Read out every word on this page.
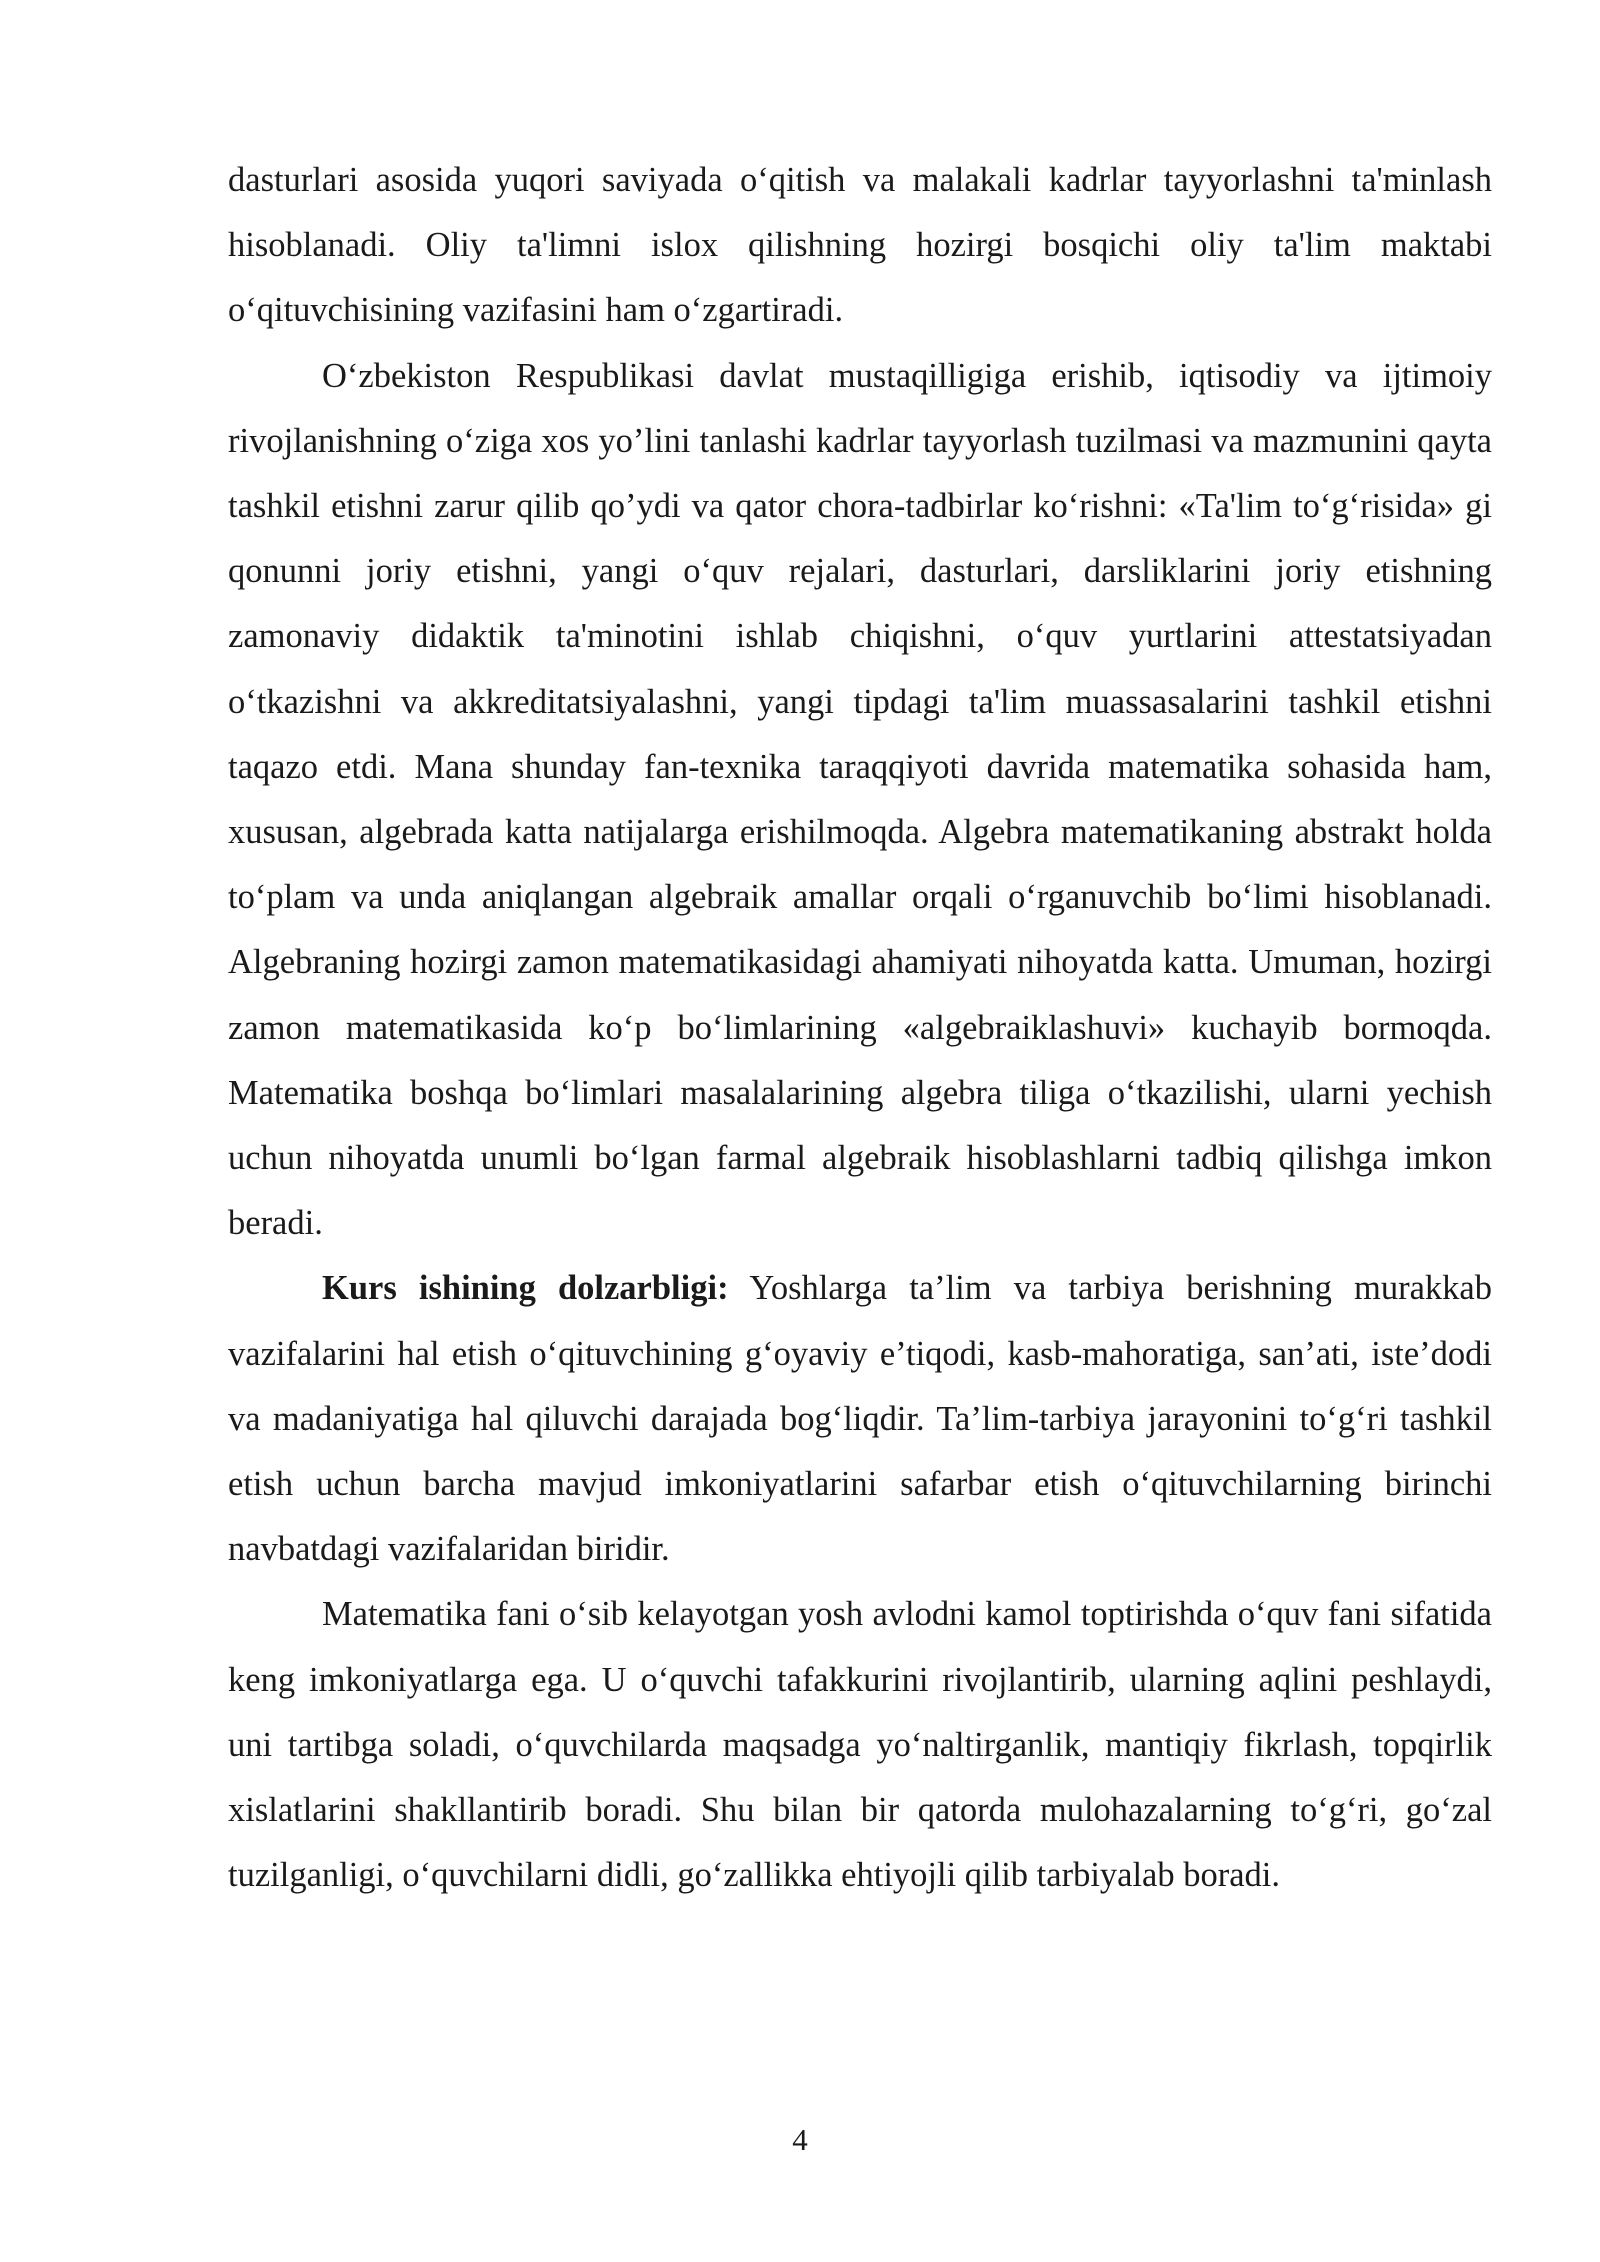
dasturlari asosida yuqori saviyada o‘qitish va malakali kadrlar tayyorlashni ta'minlash hisoblanadi. Oliy ta'limni islox qilishning hozirgi bosqichi oliy ta'lim maktabi o‘qituvchisining vazifasini ham o‘zgartiradi.

O‘zbekiston Respublikasi davlat mustaqilligiga erishib, iqtisodiy va ijtimoiy rivojlanishning o‘ziga xos yo’lini tanlashi kadrlar tayyorlash tuzilmasi va mazmunini qayta tashkil etishni zarur qilib qo’ydi va qator chora-tadbirlar ko‘rishni: «Ta'lim to‘g‘risida» gi qonunni joriy etishni, yangi o‘quv rejalari, dasturlari, darsliklarini joriy etishning zamonaviy didaktik ta'minotini ishlab chiqishni, o‘quv yurtlarini attestatsiyadan o‘tkazishni va akkreditatsiyalashni, yangi tipdagi ta'lim muassasalarini tashkil etishni taqazo etdi. Mana shunday fan-texnika taraqqiyoti davrida matematika sohasida ham, xususan, algebrada katta natijalarga erishilmoqda. Algebra matematikaning abstrakt holda to‘plam va unda aniqlangan algebraik amallar orqali o‘rganuvchib bo‘limi hisoblanadi. Algebraning hozirgi zamon matematikasidagi ahamiyati nihoyatda katta. Umuman, hozirgi zamon matematikasida ko‘p bo‘limlarining «algebraiklashuvi» kuchayib bormoqda. Matematika boshqa bo‘limlari masalalarining algebra tiliga o‘tkazilishi, ularni yechish uchun nihoyatda unumli bo‘lgan farmal algebraik hisoblashlarni tadbiq qilishga imkon beradi.

Kurs ishining dolzarbligi: Yoshlarga ta’lim va tarbiya berishning murakkab vazifalarini hal etish o‘qituvchining g‘oyaviy e’tiqodi, kasb-mahoratiga, san’ati, iste’dodi va madaniyatiga hal qiluvchi darajada bog‘liqdir. Ta’lim-tarbiya jarayonini to‘g‘ri tashkil etish uchun barcha mavjud imkoniyatlarini safarbar etish o‘qituvchilarning birinchi navbatdagi vazifalaridan biridir.

Matematika fani o‘sib kelayotgan yosh avlodni kamol toptirishda o‘quv fani sifatida keng imkoniyatlarga ega. U o‘quvchi tafakkurini rivojlantirib, ularning aqlini peshlaydi, uni tartibga soladi, o‘quvchilarda maqsadga yo‘naltirganlik, mantiqiy fikrlash, topqirlik xislatlarini shakllantirib boradi. Shu bilan bir qatorda mulohazalarning to‘g‘ri, go‘zal tuzilganligi, o‘quvchilarni didli, go‘zallikka ehtiyojli qilib tarbiyalab boradi.

4
